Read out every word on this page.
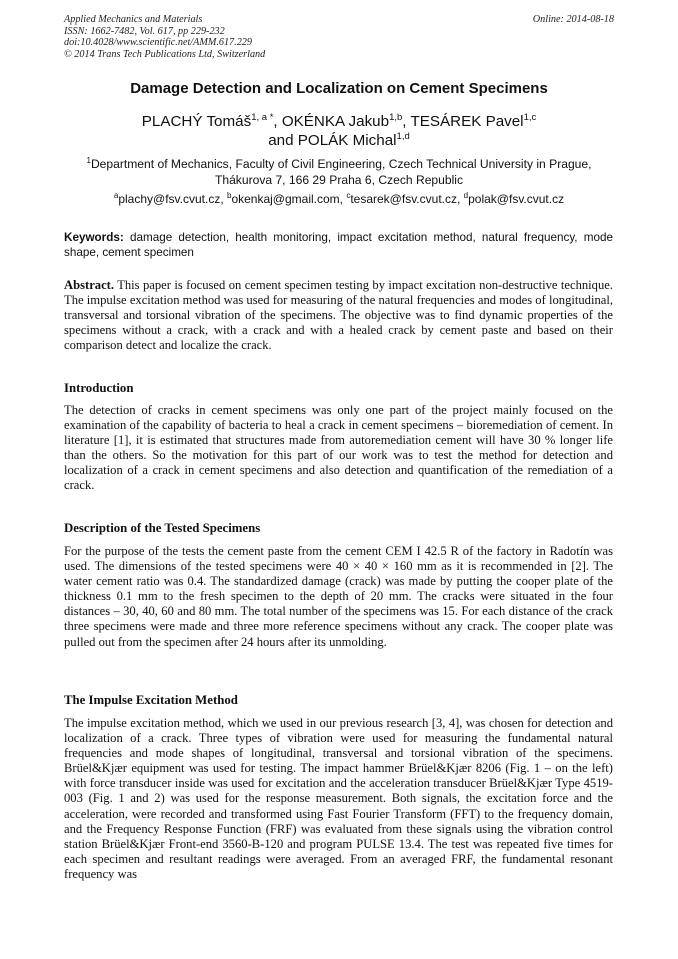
Applied Mechanics and Materials
ISSN: 1662-7482, Vol. 617, pp 229-232
doi:10.4028/www.scientific.net/AMM.617.229
© 2014 Trans Tech Publications Ltd, Switzerland
Online: 2014-08-18
Damage Detection and Localization on Cement Specimens
PLACHÝ Tomáš$^{1, a *}$, OKÉNKA Jakub$^{1,b}$, TESÁREK Pavel$^{1,c}$
and POLÁK Michal$^{1,d}$
$^1$Department of Mechanics, Faculty of Civil Engineering, Czech Technical University in Prague,
Thákurova 7, 166 29 Praha 6, Czech Republic
$^a$plachy@fsv.cvut.cz, $^b$okenkaj@gmail.com, $^c$tesarek@fsv.cvut.cz, $^d$polak@fsv.cvut.cz
Keywords: damage detection, health monitoring, impact excitation method, natural frequency, mode shape, cement specimen
Abstract. This paper is focused on cement specimen testing by impact excitation non-destructive technique. The impulse excitation method was used for measuring of the natural frequencies and modes of longitudinal, transversal and torsional vibration of the specimens. The objective was to find dynamic properties of the specimens without a crack, with a crack and with a healed crack by cement paste and based on their comparison detect and localize the crack.
Introduction
The detection of cracks in cement specimens was only one part of the project mainly focused on the examination of the capability of bacteria to heal a crack in cement specimens – bioremediation of cement. In literature [1], it is estimated that structures made from autoremediation cement will have 30 % longer life than the others. So the motivation for this part of our work was to test the method for detection and localization of a crack in cement specimens and also detection and quantification of the remediation of a crack.
Description of the Tested Specimens
For the purpose of the tests the cement paste from the cement CEM I 42.5 R of the factory in Radotín was used. The dimensions of the tested specimens were 40 × 40 × 160 mm as it is recommended in [2]. The water cement ratio was 0.4. The standardized damage (crack) was made by putting the cooper plate of the thickness 0.1 mm to the fresh specimen to the depth of 20 mm. The cracks were situated in the four distances – 30, 40, 60 and 80 mm. The total number of the specimens was 15. For each distance of the crack three specimens were made and three more reference specimens without any crack. The cooper plate was pulled out from the specimen after 24 hours after its unmolding.
The Impulse Excitation Method
The impulse excitation method, which we used in our previous research [3, 4], was chosen for detection and localization of a crack. Three types of vibration were used for measuring the fundamental natural frequencies and mode shapes of longitudinal, transversal and torsional vibration of the specimens. Brüel&Kjær equipment was used for testing. The impact hammer Brüel&Kjær 8206 (Fig. 1 – on the left) with force transducer inside was used for excitation and the acceleration transducer Brüel&Kjær Type 4519-003 (Fig. 1 and 2) was used for the response measurement. Both signals, the excitation force and the acceleration, were recorded and transformed using Fast Fourier Transform (FFT) to the frequency domain, and the Frequency Response Function (FRF) was evaluated from these signals using the vibration control station Brüel&Kjær Front-end 3560-B-120 and program PULSE 13.4. The test was repeated five times for each specimen and resultant readings were averaged. From an averaged FRF, the fundamental resonant frequency was
